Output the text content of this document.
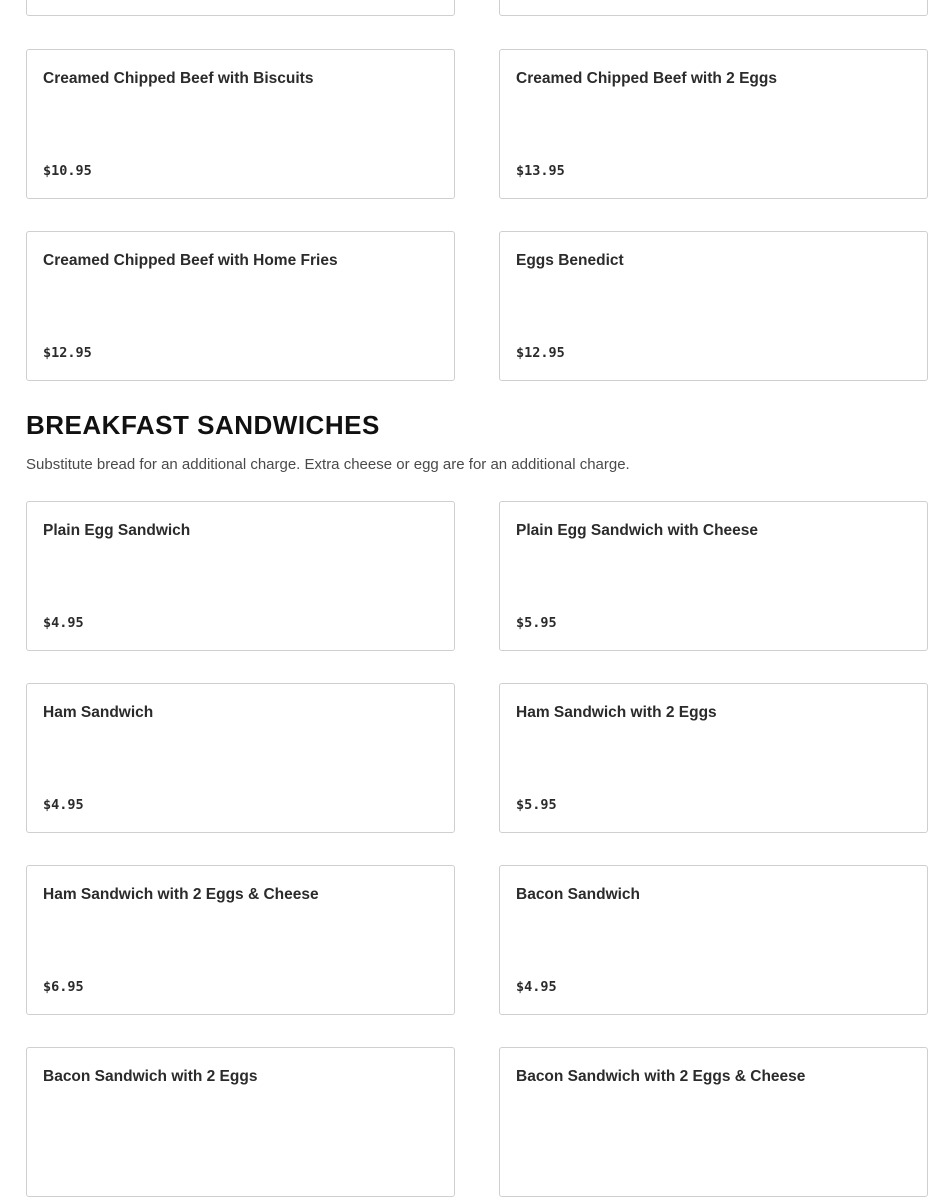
Creamed Chipped Beef with Biscuits
$10.95
Creamed Chipped Beef with 2 Eggs
$13.95
Creamed Chipped Beef with Home Fries
$12.95
Eggs Benedict
$12.95
BREAKFAST SANDWICHES

Substitute bread for an additional charge. Extra cheese or egg are for an additional charge.

Plain Egg Sandwich
$4.95
Plain Egg Sandwich with Cheese
$5.95
Ham Sandwich
$4.95
Ham Sandwich with 2 Eggs
$5.95
Ham Sandwich with 2 Eggs & Cheese
$6.95
Bacon Sandwich
$4.95
Bacon Sandwich with 2 Eggs	Bacon Sandwich with 2 Eggs & Cheese
